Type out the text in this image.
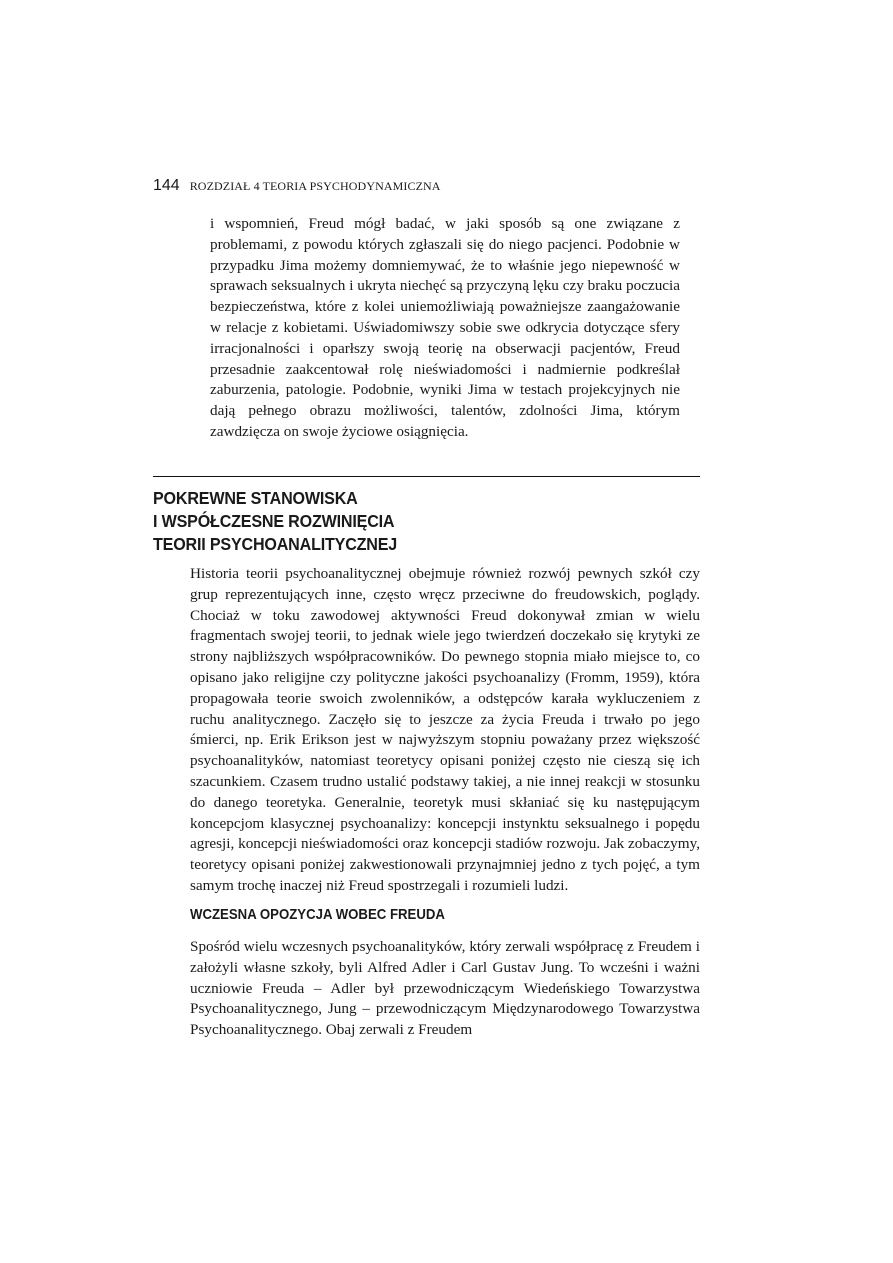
144 ROZDZIAŁ 4 TEORIA PSYCHODYNAMICZNA

i wspomnień, Freud mógł badać, w jaki sposób są one związane z problemami, z powodu których zgłaszali się do niego pacjenci. Podobnie w przypadku Jima możemy domniemywać, że to właśnie jego niepewność w sprawach seksualnych i ukryta niechęć są przyczyną lęku czy braku poczucia bezpieczeństwa, które z kolei uniemożliwiają poważniejsze zaangażowanie w relacje z kobietami. Uświadomiwszy sobie swe odkrycia dotyczące sfery irracjonalności i oparłszy swoją teorię na obserwacji pacjentów, Freud przesadnie zaakcentował rolę nieświadomości i nadmiernie podkreślał zaburzenia, patologie. Podobnie, wyniki Jima w testach projekcyjnych nie dają pełnego obrazu możliwości, talentów, zdolności Jima, którym zawdzięcza on swoje życiowe osiągnięcia.

POKREWNE STANOWISKA
I WSPÓŁCZESNE ROZWINIĘCIA
TEORII PSYCHOANALITYCZNEJ

Historia teorii psychoanalitycznej obejmuje również rozwój pewnych szkół czy grup reprezentujących inne, często wręcz przeciwne do freudowskich, poglądy. Chociaż w toku zawodowej aktywności Freud dokonywał zmian w wielu fragmentach swojej teorii, to jednak wiele jego twierdzeń doczekało się krytyki ze strony najbliższych współpracowników. Do pewnego stopnia miało miejsce to, co opisano jako religijne czy polityczne jakości psychoanalizy (Fromm, 1959), która propagowała teorie swoich zwolenników, a odstępców karała wykluczeniem z ruchu analitycznego. Zaczęło się to jeszcze za życia Freuda i trwało po jego śmierci, np. Erik Erikson jest w najwyższym stopniu poważany przez większość psychoanalityków, natomiast teoretycy opisani poniżej często nie cieszą się ich szacunkiem. Czasem trudno ustalić podstawy takiej, a nie innej reakcji w stosunku do danego teoretyka. Generalnie, teoretyk musi skłaniać się ku następującym koncepcjom klasycznej psychoanalizy: koncepcji instynktu seksualnego i popędu agresji, koncepcji nieświadomości oraz koncepcji stadiów rozwoju. Jak zobaczymy, teoretycy opisani poniżej zakwestionowali przynajmniej jedno z tych pojęć, a tym samym trochę inaczej niż Freud spostrzegali i rozumieli ludzi.

WCZESNA OPOZYCJA WOBEC FREUDA

Spośród wielu wczesnych psychoanalityków, który zerwali współpracę z Freudem i założyli własne szkoły, byli Alfred Adler i Carl Gustav Jung. To wcześni i ważni uczniowie Freuda – Adler był przewodniczącym Wiedeńskiego Towarzystwa Psychoanalitycznego, Jung – przewodniczącym Międzynarodowego Towarzystwa Psychoanalitycznego. Obaj zerwali z Freudem
